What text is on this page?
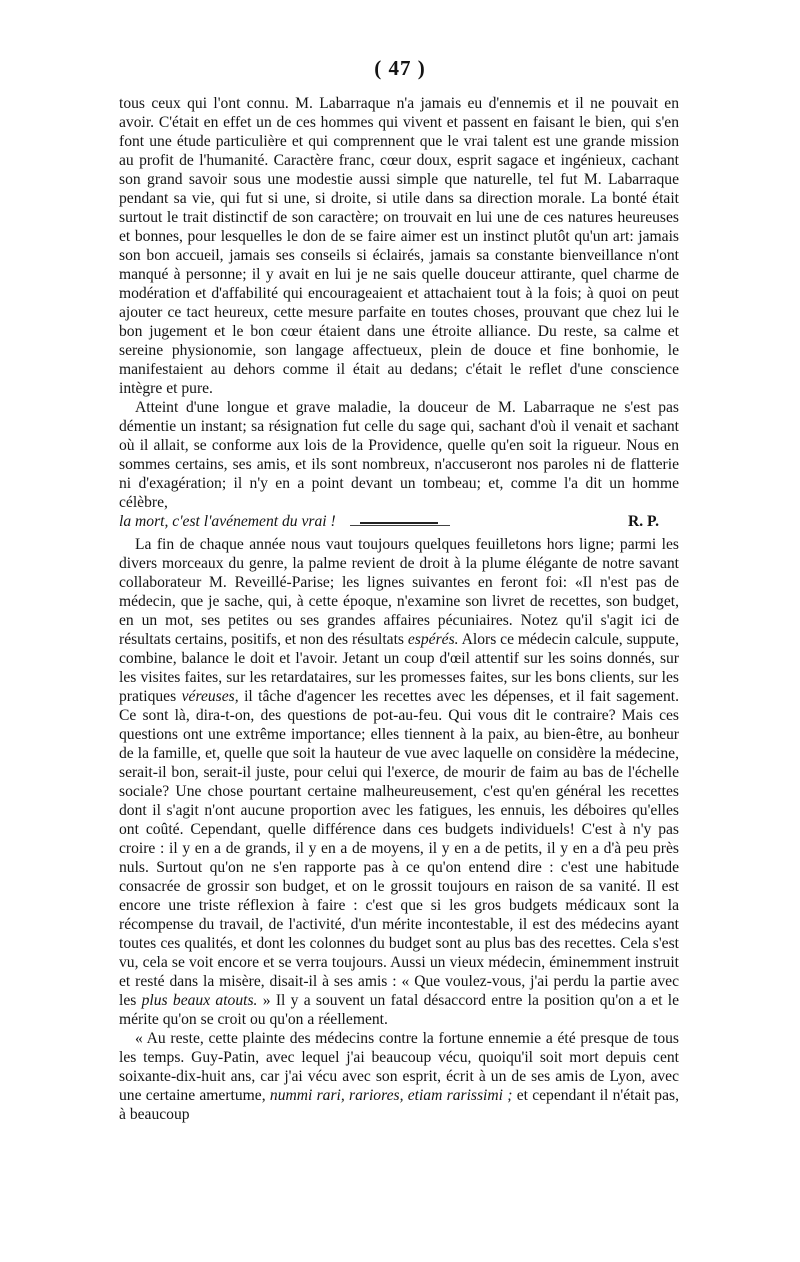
( 47 )

tous ceux qui l'ont connu. M. Labarraque n'a jamais eu d'ennemis et il ne pouvait en avoir. C'était en effet un de ces hommes qui vivent et passent en faisant le bien, qui s'en font une étude particulière et qui comprennent que le vrai talent est une grande mission au profit de l'humanité. Caractère franc, cœur doux, esprit sagace et ingénieux, cachant son grand savoir sous une modestie aussi simple que naturelle, tel fut M. Labarraque pendant sa vie, qui fut si une, si droite, si utile dans sa direction morale. La bonté était surtout le trait distinctif de son caractère; on trouvait en lui une de ces natures heureuses et bonnes, pour lesquelles le don de se faire aimer est un instinct plutôt qu'un art: jamais son bon accueil, jamais ses conseils si éclairés, jamais sa constante bienveillance n'ont manqué à personne; il y avait en lui je ne sais quelle douceur attirante, quel charme de modération et d'affabilité qui encourageaient et attachaient tout à la fois; à quoi on peut ajouter ce tact heureux, cette mesure parfaite en toutes choses, prouvant que chez lui le bon jugement et le bon cœur étaient dans une étroite alliance. Du reste, sa calme et sereine physionomie, son langage affectueux, plein de douce et fine bonhomie, le manifestaient au dehors comme il était au dedans; c'était le reflet d'une conscience intègre et pure.

Atteint d'une longue et grave maladie, la douceur de M. Labarraque ne s'est pas démentie un instant; sa résignation fut celle du sage qui, sachant d'où il venait et sachant où il allait, se conforme aux lois de la Providence, quelle qu'en soit la rigueur. Nous en sommes certains, ses amis, et ils sont nombreux, n'accuseront nos paroles ni de flatterie ni d'exagération; il n'y en a point devant un tombeau; et, comme l'a dit un homme célèbre,

la mort, c'est l'avénement du vrai !	R. P.

La fin de chaque année nous vaut toujours quelques feuilletons hors ligne; parmi les divers morceaux du genre, la palme revient de droit à la plume élégante de notre savant collaborateur M. Reveillé-Parise; les lignes suivantes en feront foi: «Il n'est pas de médecin, que je sache, qui, à cette époque, n'examine son livret de recettes, son budget, en un mot, ses petites ou ses grandes affaires pécuniaires. Notez qu'il s'agit ici de résultats certains, positifs, et non des résultats espérés. Alors ce médecin calcule, suppute, combine, balance le doit et l'avoir. Jetant un coup d'œil attentif sur les soins donnés, sur les visites faites, sur les retardataires, sur les promesses faites, sur les bons clients, sur les pratiques véreuses, il tâche d'agencer les recettes avec les dépenses, et il fait sagement. Ce sont là, dira-t-on, des questions de pot-au-feu. Qui vous dit le contraire? Mais ces questions ont une extrême importance; elles tiennent à la paix, au bien-être, au bonheur de la famille, et, quelle que soit la hauteur de vue avec laquelle on considère la médecine, serait-il bon, serait-il juste, pour celui qui l'exerce, de mourir de faim au bas de l'échelle sociale? Une chose pourtant certaine malheureusement, c'est qu'en général les recettes dont il s'agit n'ont aucune proportion avec les fatigues, les ennuis, les déboires qu'elles ont coûté. Cependant, quelle différence dans ces budgets individuels! C'est à n'y pas croire : il y en a de grands, il y en a de moyens, il y en a de petits, il y en a d'à peu près nuls. Surtout qu'on ne s'en rapporte pas à ce qu'on entend dire : c'est une habitude consacrée de grossir son budget, et on le grossit toujours en raison de sa vanité. Il est encore une triste réflexion à faire : c'est que si les gros budgets médicaux sont la récompense du travail, de l'activité, d'un mérite incontestable, il est des médecins ayant toutes ces qualités, et dont les colonnes du budget sont au plus bas des recettes. Cela s'est vu, cela se voit encore et se verra toujours. Aussi un vieux médecin, éminemment instruit et resté dans la misère, disait-il à ses amis : « Que voulez-vous, j'ai perdu la partie avec les plus beaux atouts. » Il y a souvent un fatal désaccord entre la position qu'on a et le mérite qu'on se croit ou qu'on a réellement.

« Au reste, cette plainte des médecins contre la fortune ennemie a été presque de tous les temps. Guy-Patin, avec lequel j'ai beaucoup vécu, quoiqu'il soit mort depuis cent soixante-dix-huit ans, car j'ai vécu avec son esprit, écrit à un de ses amis de Lyon, avec une certaine amertume, nummi rari, rariores, etiam rarissimi ; et cependant il n'était pas, à beaucoup
